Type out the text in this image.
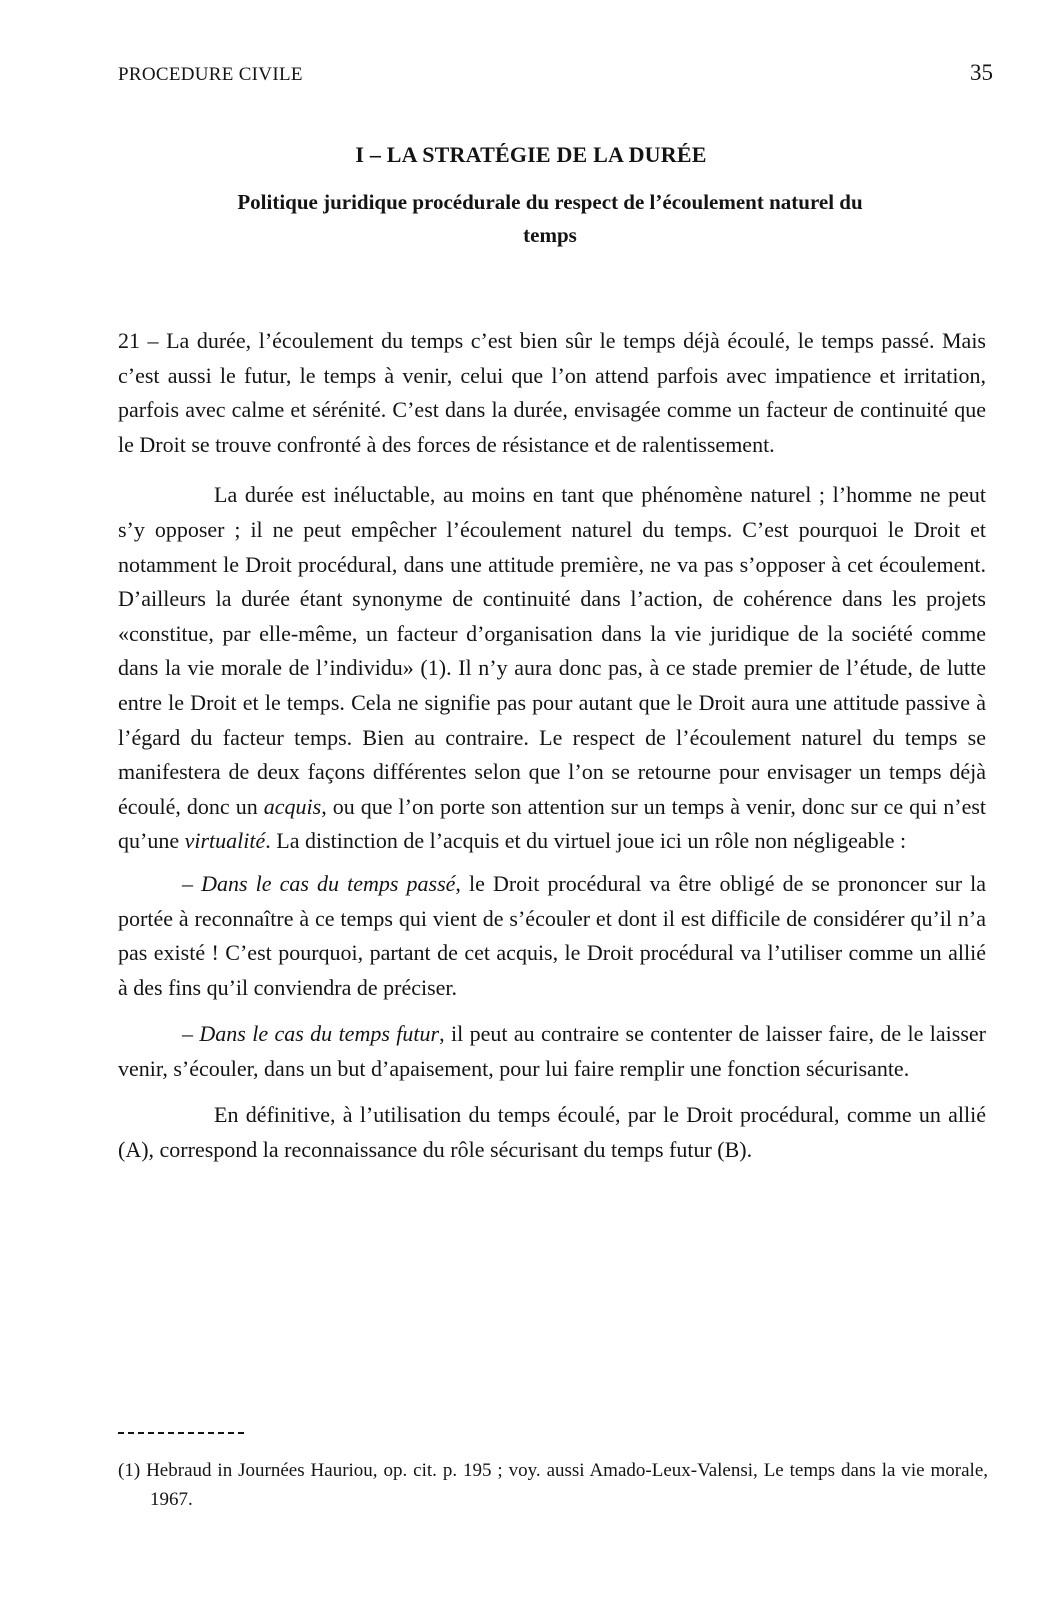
PROCEDURE CIVILE	35
I – LA STRATÉGIE DE LA DURÉE
Politique juridique procédurale du respect de l’écoulement naturel du temps

21 – La durée, l’écoulement du temps c’est bien sûr le temps déjà écoulé, le temps passé. Mais c’est aussi le futur, le temps à venir, celui que l’on attend parfois avec impatience et irritation, parfois avec calme et sérénité. C’est dans la durée, envisagée comme un facteur de continuité que le Droit se trouve confronté à des forces de résistance et de ralentissement.

La durée est inéluctable, au moins en tant que phénomène naturel ; l’homme ne peut s’y opposer ; il ne peut empêcher l’écoulement naturel du temps. C’est pourquoi le Droit et notamment le Droit procédural, dans une attitude première, ne va pas s’opposer à cet écoulement. D’ailleurs la durée étant synonyme de continuité dans l’action, de cohérence dans les projets «constitue, par elle-même, un facteur d’organisation dans la vie juridique de la société comme dans la vie morale de l’individu» (1). Il n’y aura donc pas, à ce stade premier de l’étude, de lutte entre le Droit et le temps. Cela ne signifie pas pour autant que le Droit aura une attitude passive à l’égard du facteur temps. Bien au contraire. Le respect de l’écoulement naturel du temps se manifestera de deux façons différentes selon que l’on se retourne pour envisager un temps déjà écoulé, donc un acquis, ou que l’on porte son attention sur un temps à venir, donc sur ce qui n’est qu’une virtualité. La distinction de l’acquis et du virtuel joue ici un rôle non négligeable :

– Dans le cas du temps passé, le Droit procédural va être obligé de se prononcer sur la portée à reconnaître à ce temps qui vient de s’écouler et dont il est difficile de considérer qu’il n’a pas existé ! C’est pourquoi, partant de cet acquis, le Droit procédural va l’utiliser comme un allié à des fins qu’il conviendra de préciser.

– Dans le cas du temps futur, il peut au contraire se contenter de laisser faire, de le laisser venir, s’écouler, dans un but d’apaisement, pour lui faire remplir une fonction sécurisante.

En définitive, à l’utilisation du temps écoulé, par le Droit procédural, comme un allié (A), correspond la reconnaissance du rôle sécurisant du temps futur (B).

(1) Hebraud in Journées Hauriou, op. cit. p. 195 ; voy. aussi Amado-Leux-Valensi, Le temps dans la vie morale, 1967.
